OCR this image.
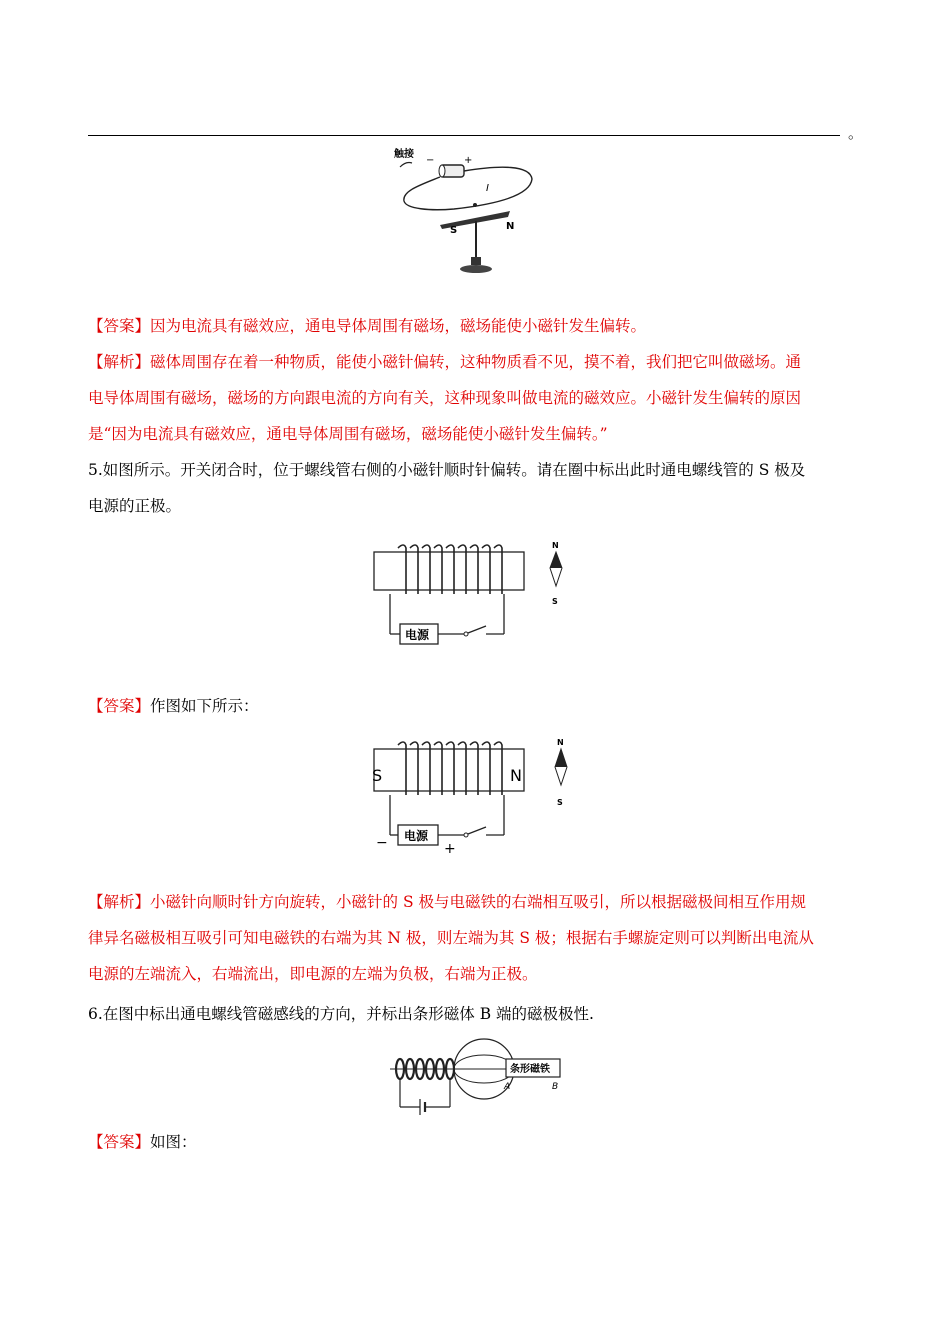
。
触接
−	+
I
S	N
【答案】因为电流具有磁效应，通电导体周围有磁场，磁场能使小磁针发生偏转。
【解析】磁体周围存在着一种物质，能使小磁针偏转，这种物质看不见，摸不着，我们把它叫做磁场。通
电导体周围有磁场，磁场的方向跟电流的方向有关，这种现象叫做电流的磁效应。小磁针发生偏转的原因
是“因为电流具有磁效应，通电导体周围有磁场，磁场能使小磁针发生偏转。”
5.如图所示。开关闭合时，位于螺线管右侧的小磁针顺时针偏转。请在圈中标出此时通电螺线管的 S 极及
电源的正极。
电源
N
S
【答案】作图如下所示：
S	N
− 电源
+
N
S
【解析】小磁针向顺时针方向旋转，小磁针的 S 极与电磁铁的右端相互吸引，所以根据磁极间相互作用规
律异名磁极相互吸引可知电磁铁的右端为其 N 极，则左端为其 S 极；根据右手螺旋定则可以判断出电流从
电源的左端流入，右端流出，即电源的左端为负极，右端为正极。
6.在图中标出通电螺线管磁感线的方向，并标出条形磁体 B 端的磁极极性.
条形磁铁
A	B
【答案】如图：
